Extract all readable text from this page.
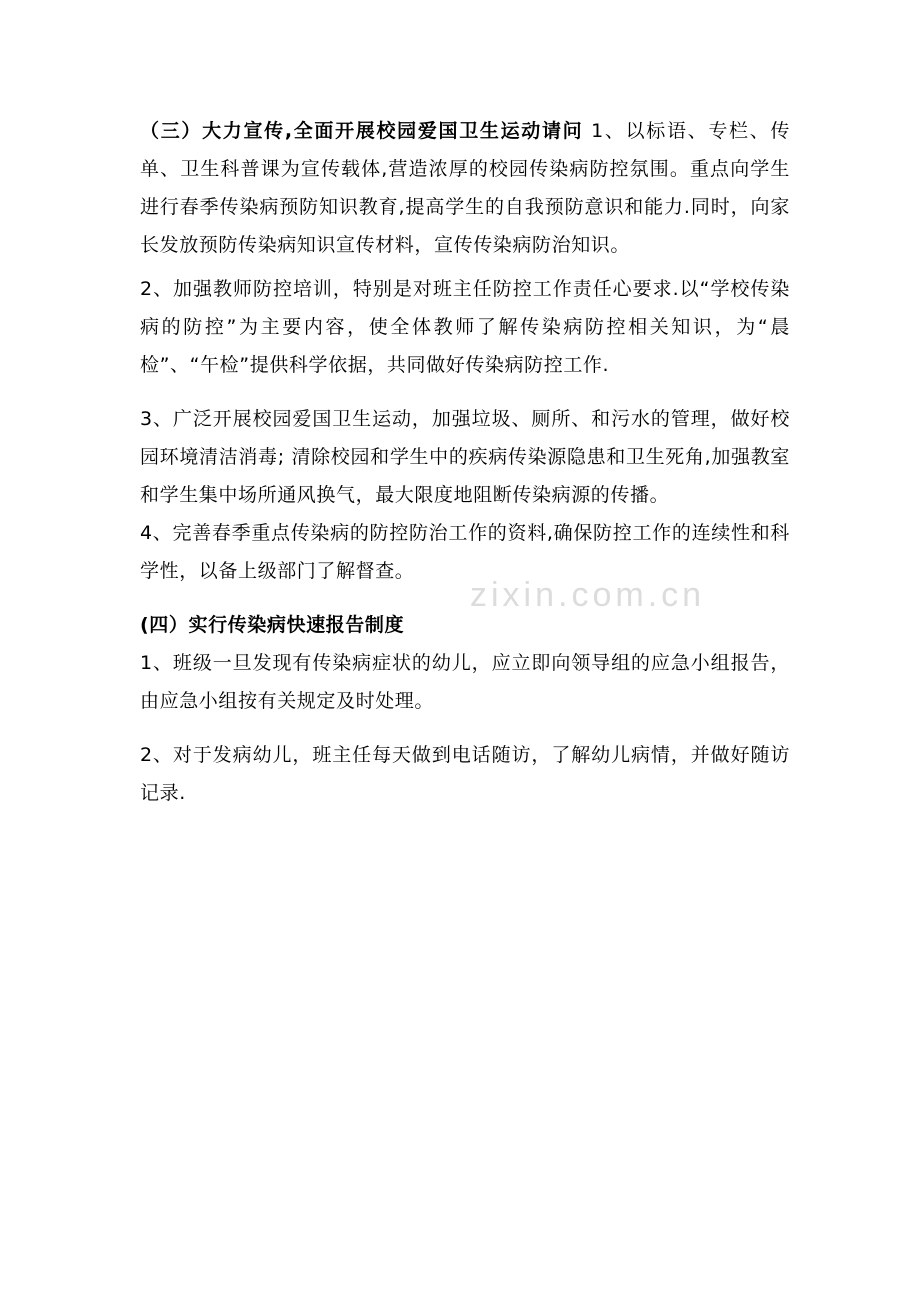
zixin.com.cn

（三）大力宣传,全面开展校园爱国卫生运动请问 1、以标语、专栏、传单、卫生科普课为宣传载体,营造浓厚的校园传染病防控氛围。重点向学生进行春季传染病预防知识教育,提高学生的自我预防意识和能力.同时，向家长发放预防传染病知识宣传材料，宣传传染病防治知识。

2、加强教师防控培训，特别是对班主任防控工作责任心要求.以“学校传染病的防控”为主要内容，使全体教师了解传染病防控相关知识，为“晨检”、“午检”提供科学依据，共同做好传染病防控工作.

3、广泛开展校园爱国卫生运动，加强垃圾、厕所、和污水的管理，做好校园环境清洁消毒; 清除校园和学生中的疾病传染源隐患和卫生死角,加强教室和学生集中场所通风换气，最大限度地阻断传染病源的传播。

4、完善春季重点传染病的防控防治工作的资料,确保防控工作的连续性和科学性，以备上级部门了解督查。

(四）实行传染病快速报告制度

1、班级一旦发现有传染病症状的幼儿，应立即向领导组的应急小组报告，由应急小组按有关规定及时处理。

2、对于发病幼儿，班主任每天做到电话随访，了解幼儿病情，并做好随访记录.
